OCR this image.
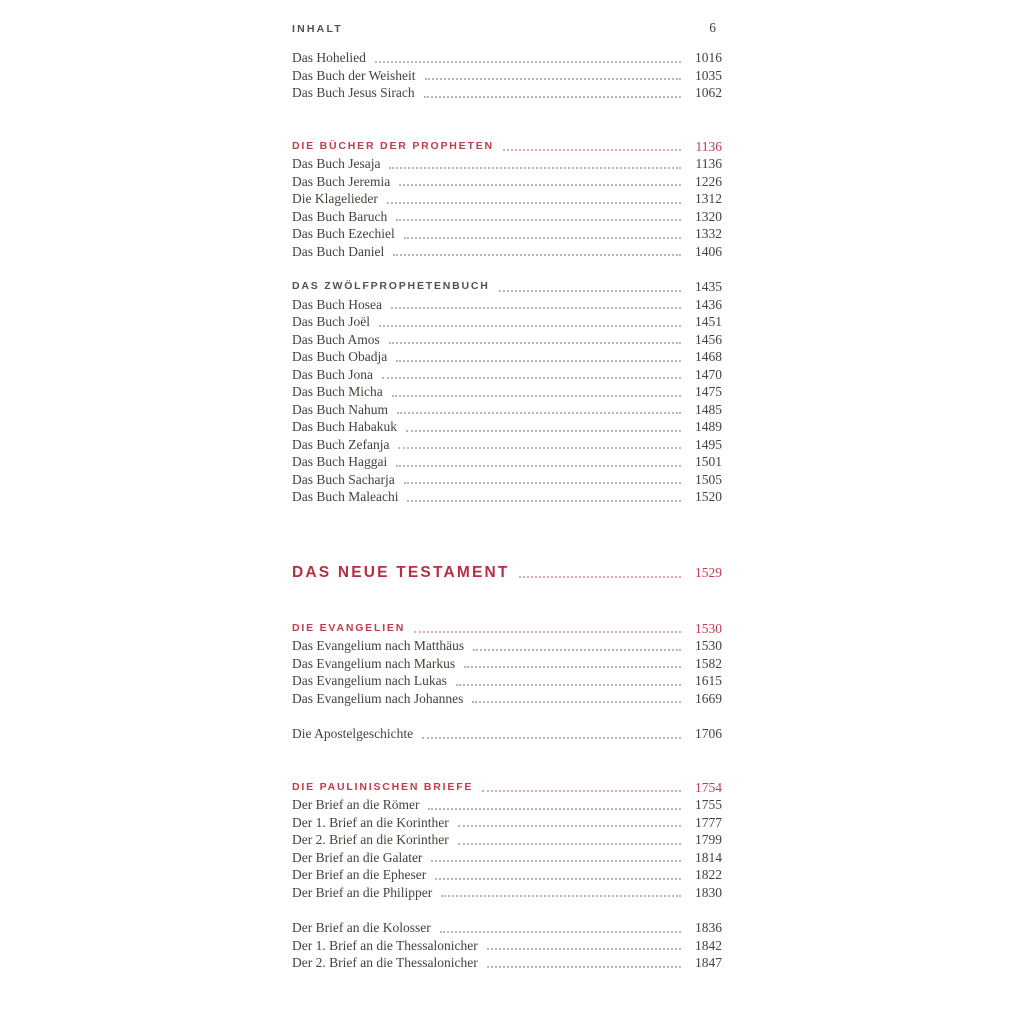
INHALT	6
Das Hohelied	1016
Das Buch der Weisheit	1035
Das Buch Jesus Sirach	1062
DIE BÜCHER DER PROPHETEN	1136
Das Buch Jesaja	1136
Das Buch Jeremia	1226
Die Klagelieder	1312
Das Buch Baruch	1320
Das Buch Ezechiel	1332
Das Buch Daniel	1406
DAS ZWÖLFPROPHETENBUCH	1435
Das Buch Hosea	1436
Das Buch Joël	1451
Das Buch Amos	1456
Das Buch Obadja	1468
Das Buch Jona	1470
Das Buch Micha	1475
Das Buch Nahum	1485
Das Buch Habakuk	1489
Das Buch Zefanja	1495
Das Buch Haggai	1501
Das Buch Sacharja	1505
Das Buch Maleachi	1520
DAS NEUE TESTAMENT	1529
DIE EVANGELIEN	1530
Das Evangelium nach Matthäus	1530
Das Evangelium nach Markus	1582
Das Evangelium nach Lukas	1615
Das Evangelium nach Johannes	1669
Die Apostelgeschichte	1706
DIE PAULINISCHEN BRIEFE	1754
Der Brief an die Römer	1755
Der 1. Brief an die Korinther	1777
Der 2. Brief an die Korinther	1799
Der Brief an die Galater	1814
Der Brief an die Epheser	1822
Der Brief an die Philipper	1830
Der Brief an die Kolosser	1836
Der 1. Brief an die Thessalonicher	1842
Der 2. Brief an die Thessalonicher	1847
